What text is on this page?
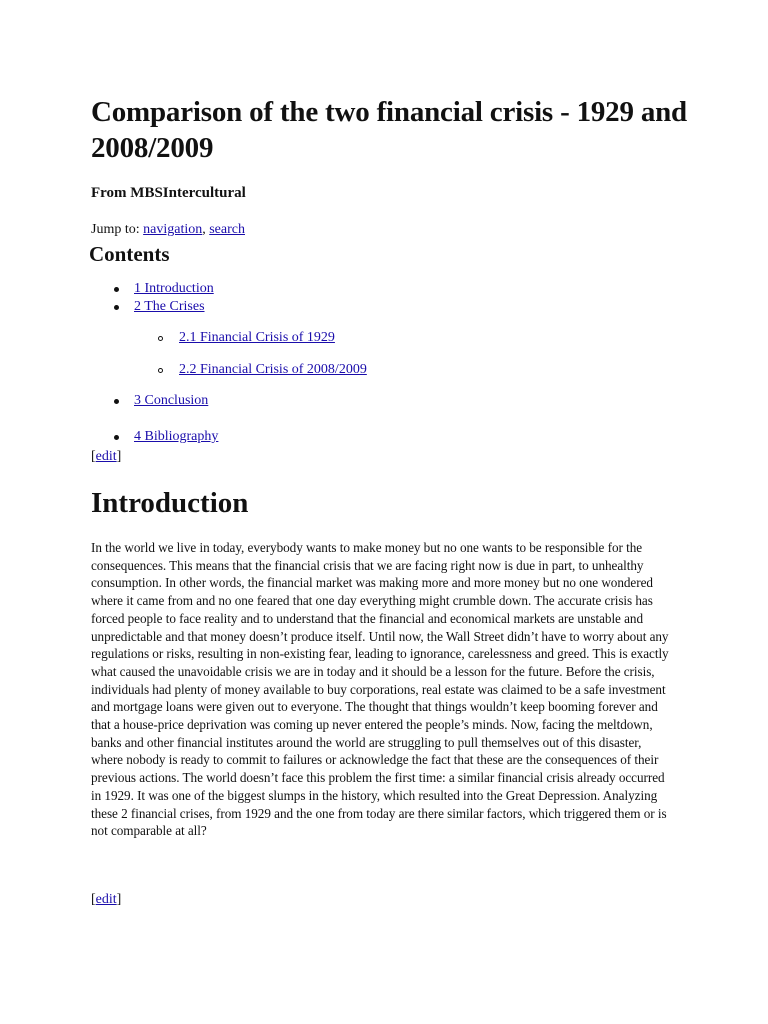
Comparison of the two financial crisis - 1929 and 2008/2009
From MBSIntercultural
Jump to: navigation, search
Contents
1 Introduction
2 The Crises
2.1 Financial Crisis of 1929
2.2 Financial Crisis of 2008/2009
3 Conclusion
4 Bibliography
[edit]
Introduction

In the world we live in today, everybody wants to make money but no one wants to be responsible for the consequences. This means that the financial crisis that we are facing right now is due in part, to unhealthy consumption. In other words, the financial market was making more and more money but no one wondered where it came from and no one feared that one day everything might crumble down. The accurate crisis has forced people to face reality and to understand that the financial and economical markets are unstable and unpredictable and that money doesn’t produce itself. Until now, the Wall Street didn’t have to worry about any regulations or risks, resulting in non-existing fear, leading to ignorance, carelessness and greed. This is exactly what caused the unavoidable crisis we are in today and it should be a lesson for the future. Before the crisis, individuals had plenty of money available to buy corporations, real estate was claimed to be a safe investment and mortgage loans were given out to everyone. The thought that things wouldn’t keep booming forever and that a house-price deprivation was coming up never entered the people’s minds. Now, facing the meltdown, banks and other financial institutes around the world are struggling to pull themselves out of this disaster, where nobody is ready to commit to failures or acknowledge the fact that these are the consequences of their previous actions. The world doesn’t face this problem the first time: a similar financial crisis already occurred in 1929. It was one of the biggest slumps in the history, which resulted into the Great Depression. Analyzing these 2 financial crises, from 1929 and the one from today are there similar factors, which triggered them or is not comparable at all?

[edit]
